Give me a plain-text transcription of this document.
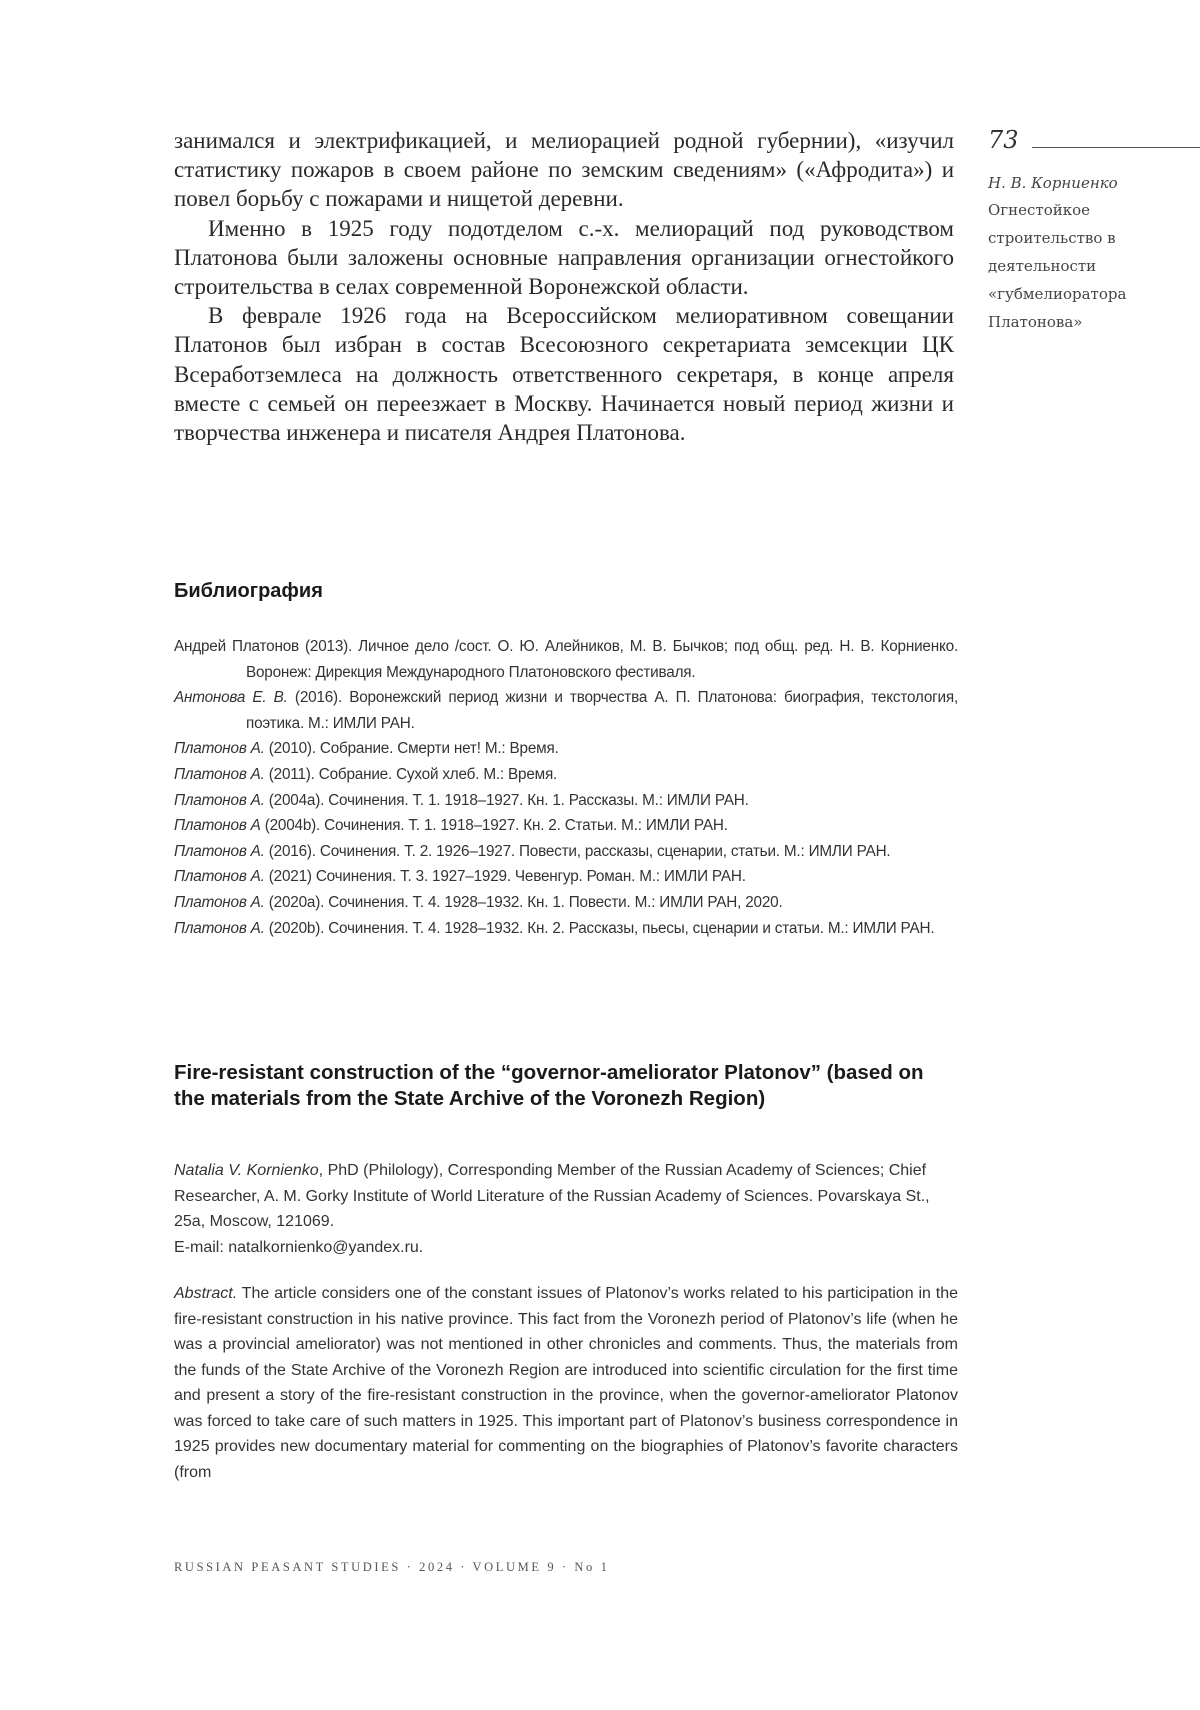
занимался и электрификацией, и мелиорацией родной губернии), «изучил статистику пожаров в своем районе по земским сведениям» («Афродита») и повел борьбу с пожарами и нищетой деревни.

Именно в 1925 году подотделом с.-х. мелиораций под руководством Платонова были заложены основные направления организации огнестойкого строительства в селах современной Воронежской области.

В феврале 1926 года на Всероссийском мелиоративном совещании Платонов был избран в состав Всесоюзного секретариата земсекции ЦК Всеработземлеса на должность ответственного секретаря, в конце апреля вместе с семьей он переезжает в Москву. Начинается новый период жизни и творчества инженера и писателя Андрея Платонова.

73
Н. В. Корниенко
Огнестойкое строительство в деятельности «губмелиоратора Платонова»
Библиография
Андрей Платонов (2013). Личное дело /сост. О. Ю. Алейников, М. В. Бычков; под общ. ред. Н. В. Корниенко. Воронеж: Дирекция Международного Платоновского фестиваля.
Антонова Е. В. (2016). Воронежский период жизни и творчества А. П. Платонова: биография, текстология, поэтика. М.: ИМЛИ РАН.
Платонов А. (2010). Собрание. Смерти нет! М.: Время.
Платонов А. (2011). Собрание. Сухой хлеб. М.: Время.
Платонов А. (2004a). Сочинения. Т. 1. 1918–1927. Кн. 1. Рассказы. М.: ИМЛИ РАН.
Платонов А (2004b). Сочинения. Т. 1. 1918–1927. Кн. 2. Статьи. М.: ИМЛИ РАН.
Платонов А. (2016). Сочинения. Т. 2. 1926–1927. Повести, рассказы, сценарии, статьи. М.: ИМЛИ РАН.
Платонов А. (2021) Сочинения. Т. 3. 1927–1929. Чевенгур. Роман. М.: ИМЛИ РАН.
Платонов А. (2020a). Сочинения. Т. 4. 1928–1932. Кн. 1. Повести. М.: ИМЛИ РАН, 2020.
Платонов А. (2020b). Сочинения. Т. 4. 1928–1932. Кн. 2. Рассказы, пьесы, сценарии и статьи. М.: ИМЛИ РАН.
Fire-resistant construction of the “governor-ameliorator Platonov” (based on the materials from the State Archive of the Voronezh Region)
Natalia V. Kornienko, PhD (Philology), Corresponding Member of the Russian Academy of Sciences; Chief Researcher, A. M. Gorky Institute of World Literature of the Russian Academy of Sciences. Povarskaya St., 25a, Moscow, 121069.
E-mail: natalkornienko@yandex.ru.

Abstract. The article considers one of the constant issues of Platonov’s works related to his participation in the fire-resistant construction in his native province. This fact from the Voronezh period of Platonov’s life (when he was a provincial ameliorator) was not mentioned in other chronicles and comments. Thus, the materials from the funds of the State Archive of the Voronezh Region are introduced into scientific circulation for the first time and present a story of the fire-resistant construction in the province, when the governor-ameliorator Platonov was forced to take care of such matters in 1925. This important part of Platonov’s business correspondence in 1925 provides new documentary material for commenting on the biographies of Platonov’s favorite characters (from

RUSSIAN PEASANT STUDIES · 2024 · VOLUME 9 · No 1
